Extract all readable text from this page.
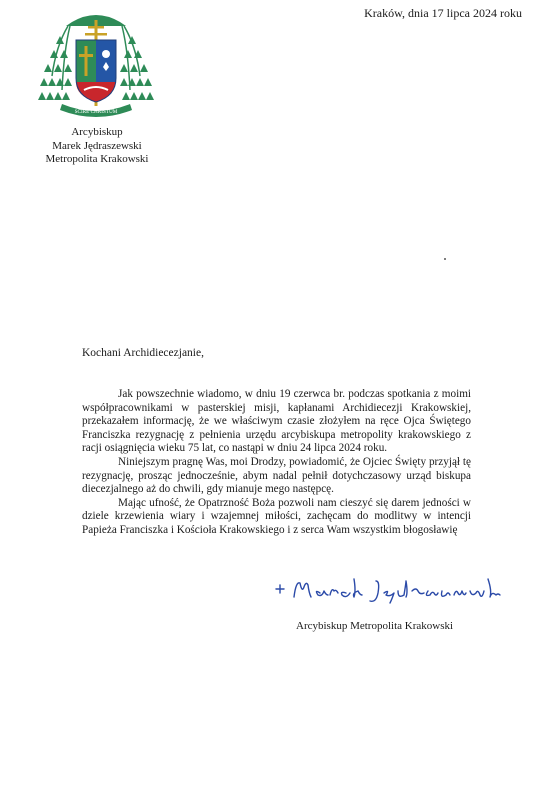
Kraków, dnia 17 lipca 2024 roku
SCIRE CHRISTUM
Arcybiskup
Marek Jędraszewski
Metropolita Krakowski
Kochani Archidiecezjanie,

Jak powszechnie wiadomo, w dniu 19 czerwca br. podczas spotkania z moimi współpracownikami w pasterskiej misji, kapłanami Archidiecezji Krakowskiej, przekazałem informację, że we właściwym czasie złożyłem na ręce Ojca Świętego Franciszka rezygnację z pełnienia urzędu arcybiskupa metropolity krakowskiego z racji osiągnięcia wieku 75 lat, co nastąpi w dniu 24 lipca 2024 roku.

Niniejszym pragnę Was, moi Drodzy, powiadomić, że Ojciec Święty przyjął tę rezygnację, prosząc jednocześnie, abym nadal pełnił dotychczasowy urząd biskupa diecezjalnego aż do chwili, gdy mianuje mego następcę.

Mając ufność, że Opatrzność Boża pozwoli nam cieszyć się darem jedności w dziele krzewienia wiary i wzajemnej miłości, zachęcam do modlitwy w intencji Papieża Franciszka i Kościoła Krakowskiego i z serca Wam wszystkim błogosławię

Arcybiskup Metropolita Krakowski
